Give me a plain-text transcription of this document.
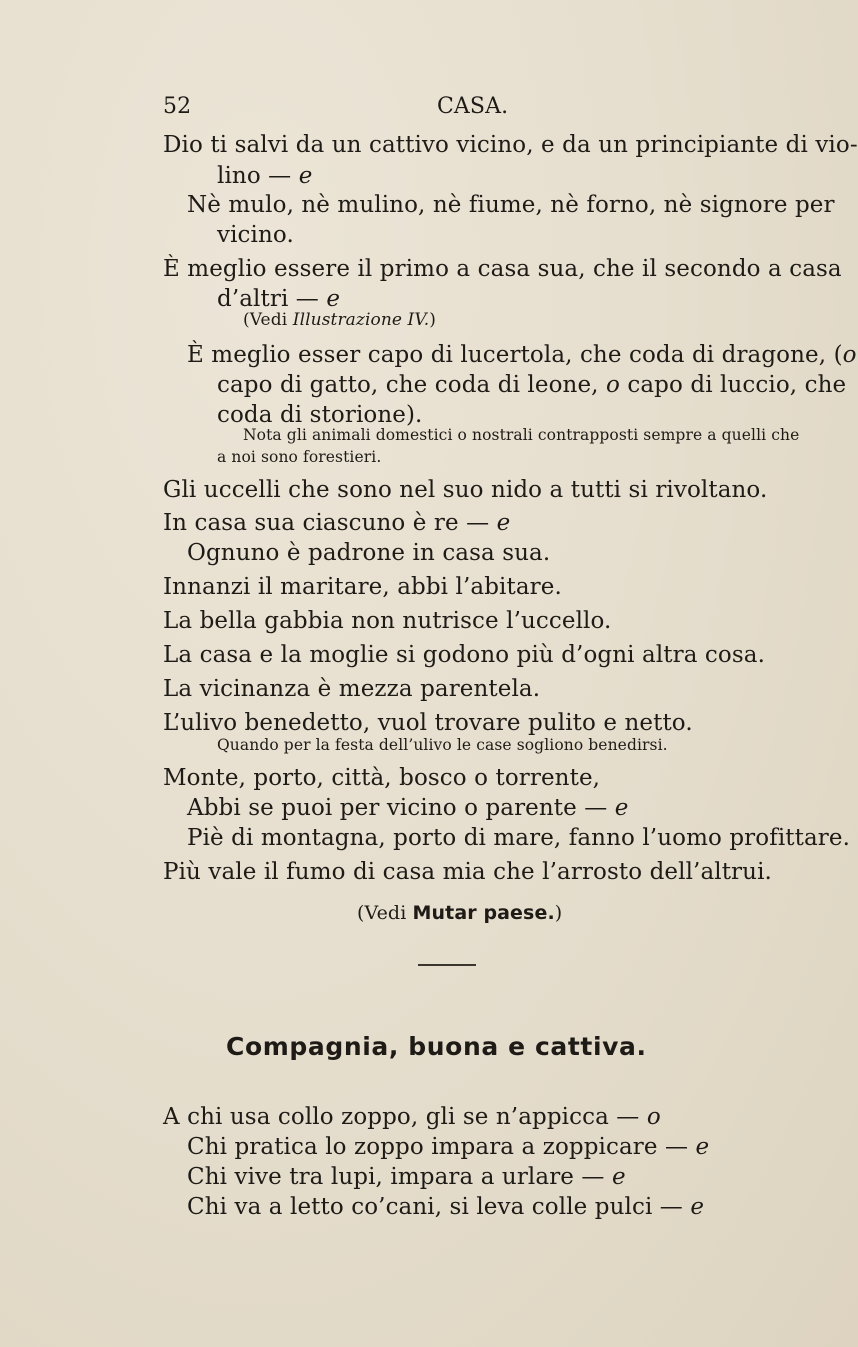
52	CASA.
Dio ti salvi da un cattivo vicino, e da un principiante di vio-
lino — e
Nè mulo, nè mulino, nè fiume, nè forno, nè signore per
vicino.
È meglio essere il primo a casa sua, che il secondo a casa
d’altri — e
(Vedi Illustrazione IV.)
È meglio esser capo di lucertola, che coda di dragone, (o
capo di gatto, che coda di leone, o capo di luccio, che
coda di storione).
Nota gli animali domestici o nostrali contrapposti sempre a quelli che
a noi sono forestieri.
Gli uccelli che sono nel suo nido a tutti si rivoltano.
In casa sua ciascuno è re — e
Ognuno è padrone in casa sua.
Innanzi il maritare, abbi l’abitare.
La bella gabbia non nutrisce l’uccello.
La casa e la moglie si godono più d’ogni altra cosa.
La vicinanza è mezza parentela.
L’ulivo benedetto, vuol trovare pulito e netto.
Quando per la festa dell’ulivo le case sogliono benedirsi.
Monte, porto, città, bosco o torrente,
Abbi se puoi per vicino o parente — e
Piè di montagna, porto di mare, fanno l’uomo profittare.
Più vale il fumo di casa mia che l’arrosto dell’altrui.
(Vedi Mutar paese.)
Compagnia, buona e cattiva.
A chi usa collo zoppo, gli se n’appicca — o
Chi pratica lo zoppo impara a zoppicare — e
Chi vive tra lupi, impara a urlare — e
Chi va a letto co’cani, si leva colle pulci — e
